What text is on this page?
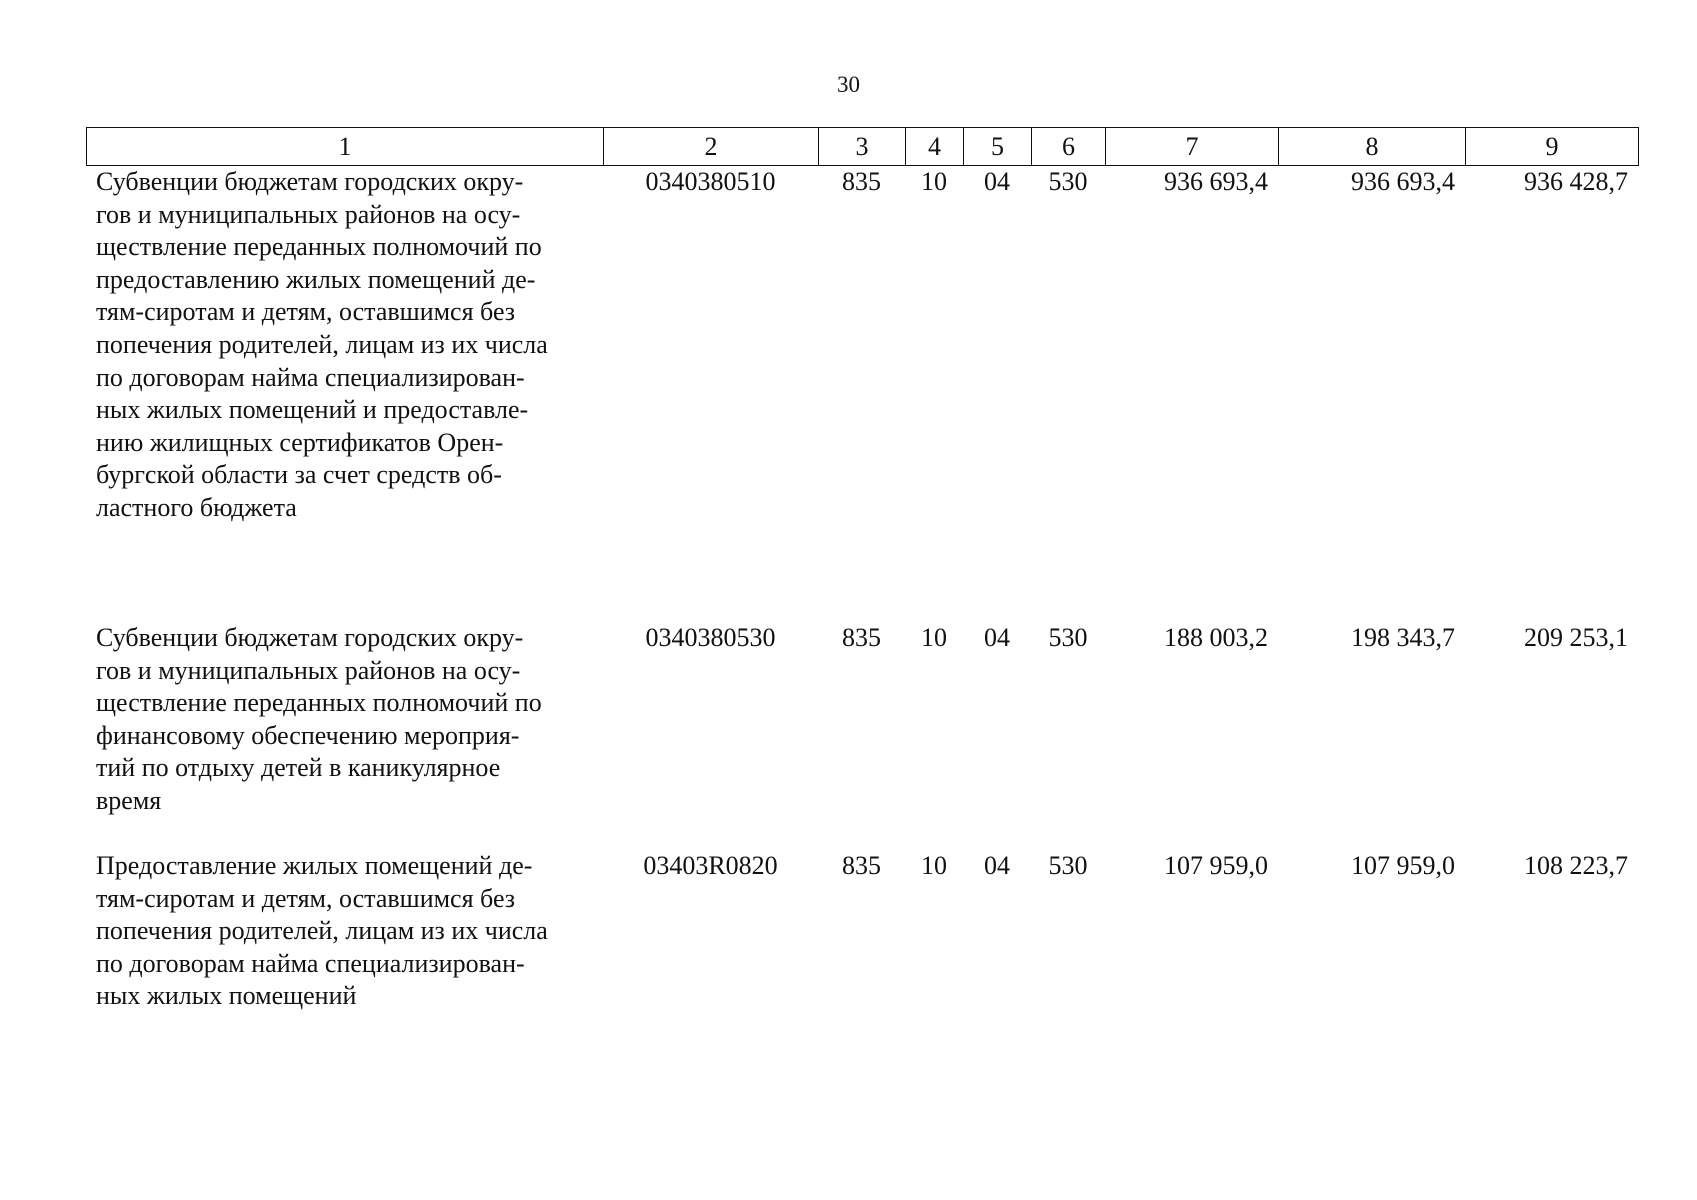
30
1	2	3	4	5	6	7	8	9
Субвенции бюджетам городских окру-
гов и муниципальных районов на осу-
ществление переданных полномочий по
предоставлению жилых помещений де-
тям-сиротам и детям, оставшимся без
попечения родителей, лицам из их числа
по договорам найма специализирован-
ных жилых помещений и предоставле-
нию жилищных сертификатов Орен-
бургской области за счет средств об-
ластного бюджета
0340380510	835	10	04	530	936 693,4	936 693,4	936 428,7
Субвенции бюджетам городских окру-
гов и муниципальных районов на осу-
ществление переданных полномочий по
финансовому обеспечению мероприя-
тий по отдыху детей в каникулярное
время
0340380530	835	10	04	530	188 003,2	198 343,7	209 253,1
Предоставление жилых помещений де-
тям-сиротам и детям, оставшимся без
попечения родителей, лицам из их числа
по договорам найма специализирован-
ных жилых помещений
03403R0820	835	10	04	530	107 959,0	107 959,0	108 223,7
